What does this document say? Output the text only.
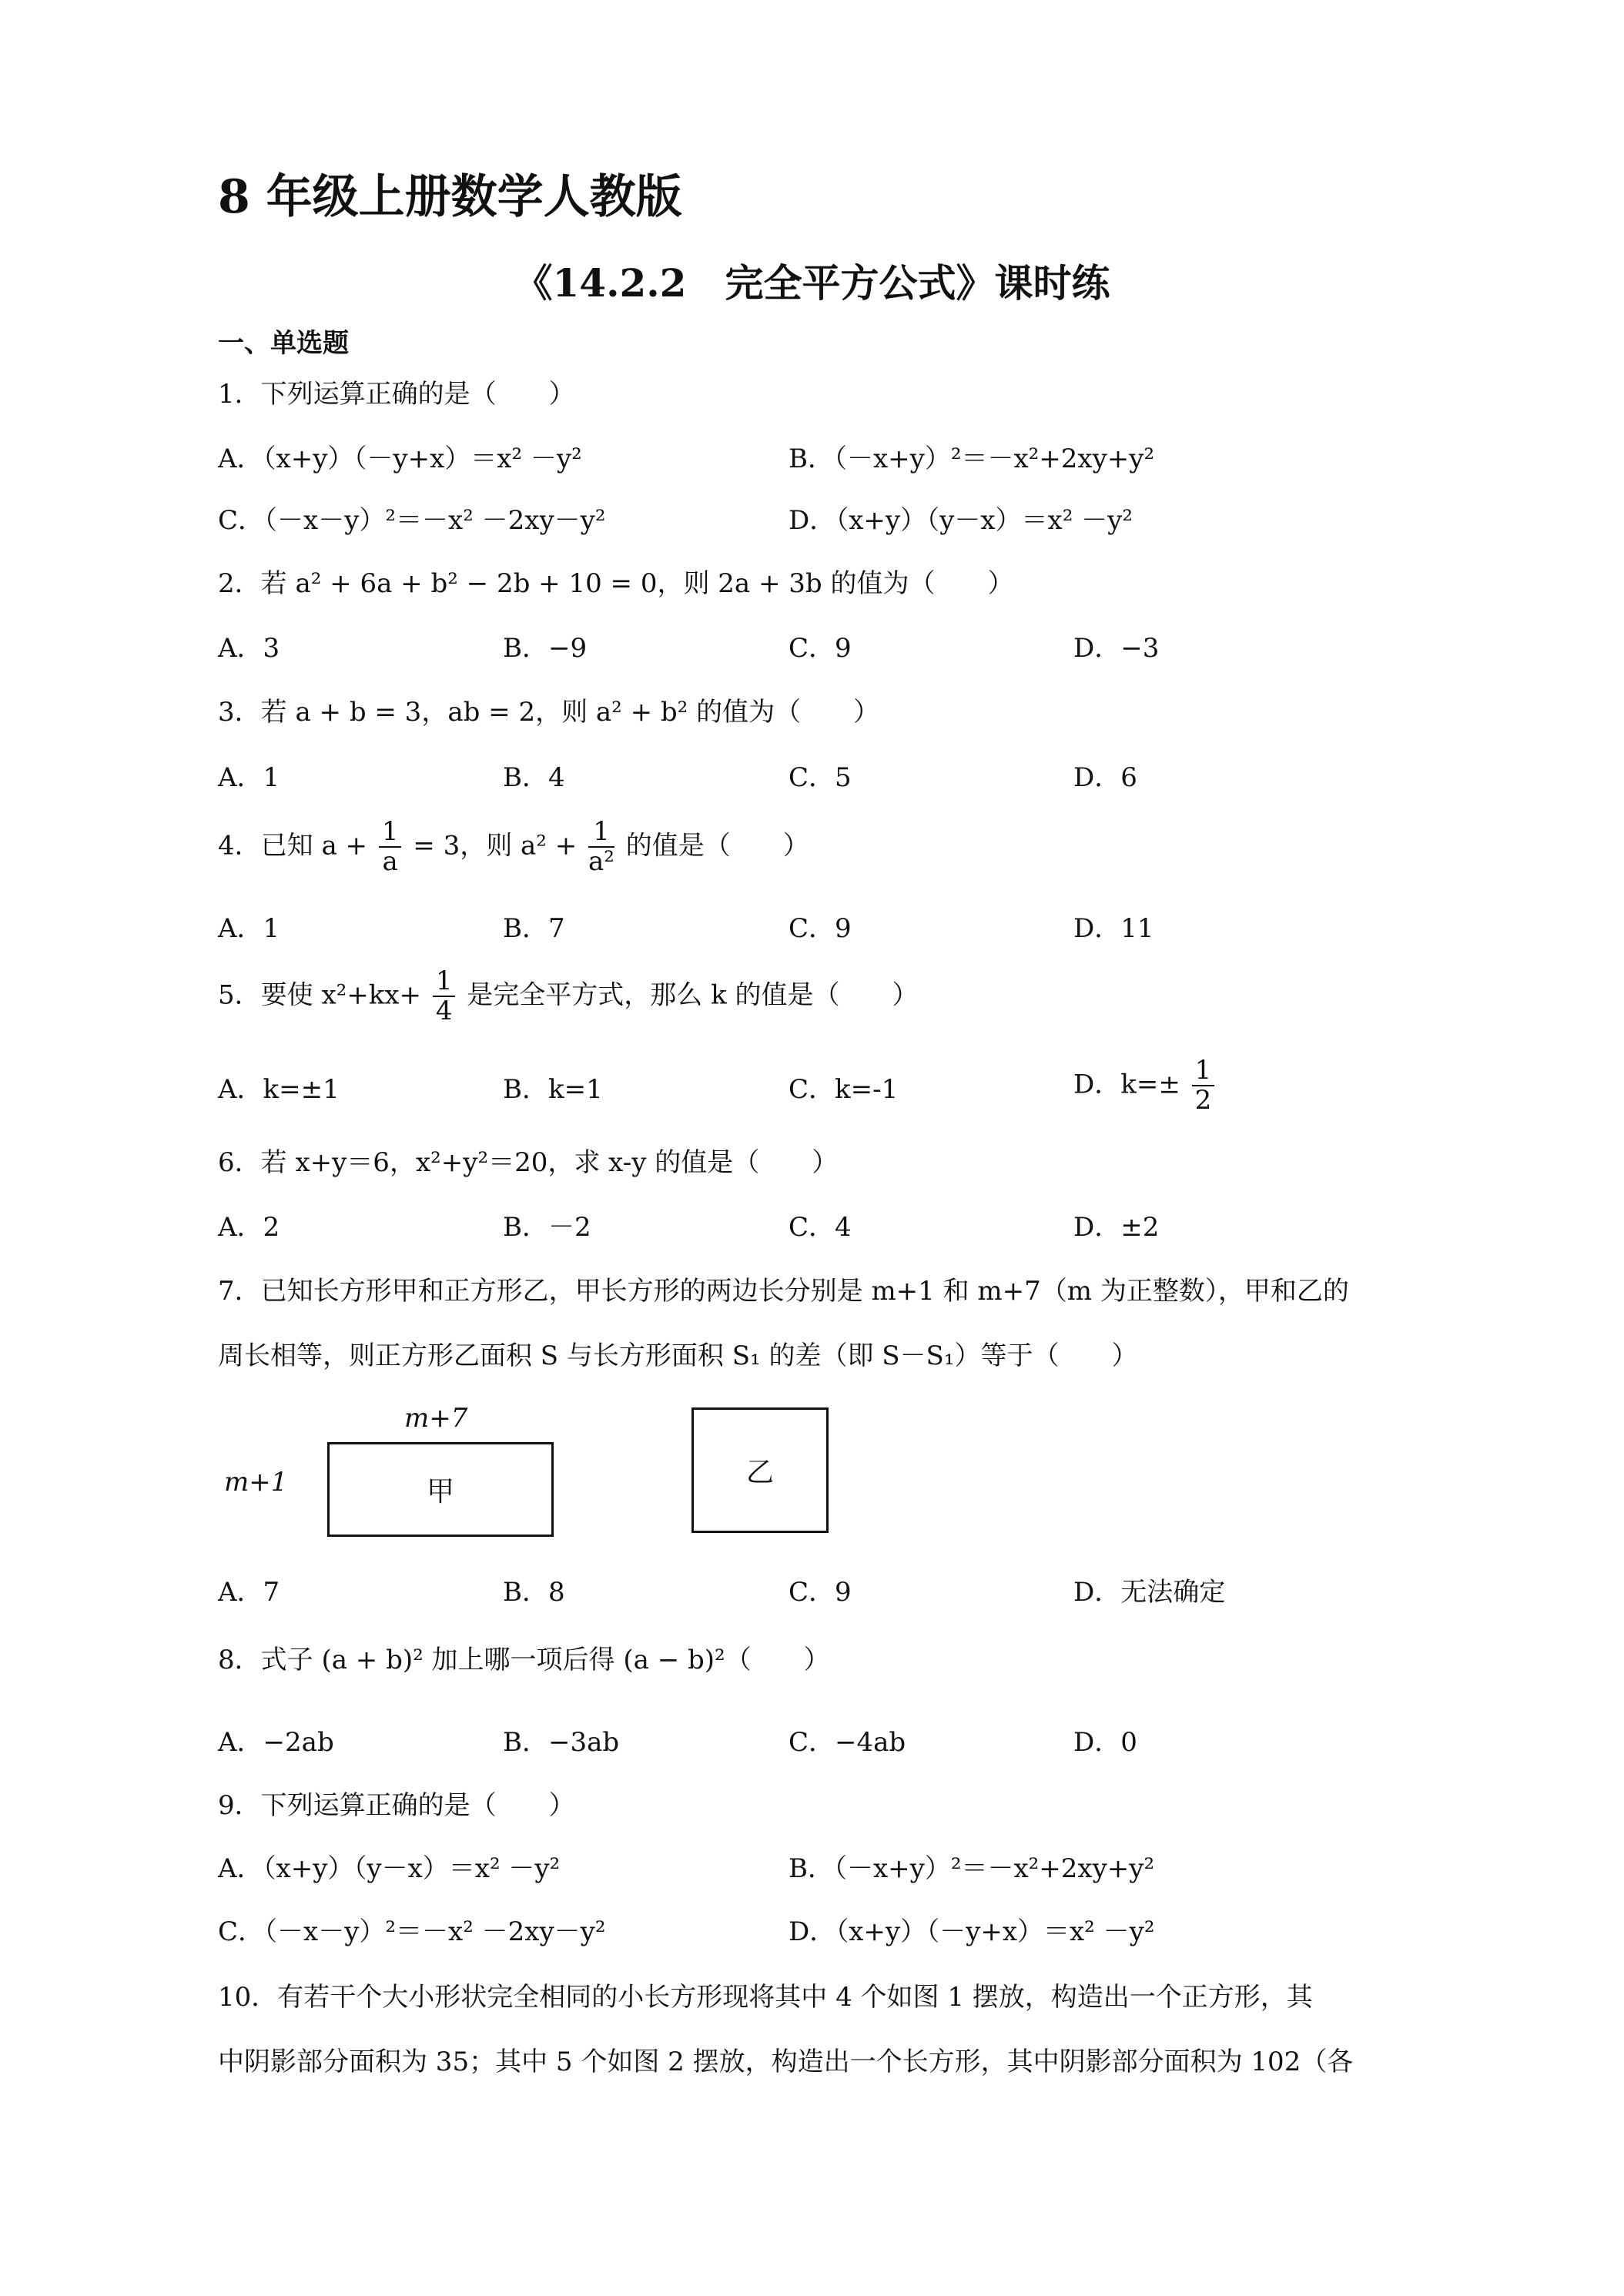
8 年级上册数学人教版
《14.2.2　完全平方公式》课时练
一、单选题
1．下列运算正确的是（　　）
A．（x+y）（－y+x）＝x² －y²	B．（－x+y）²＝－x²+2xy+y²
C．（－x－y）²＝－x² －2xy－y²	D．（x+y）（y－x）＝x² －y²
2．若 a² + 6a + b² − 2b + 10 = 0，则 2a + 3b 的值为（　　）
A．3	B．−9	C．9	D．−3
3．若 a + b = 3，ab = 2，则 a² + b² 的值为（　　）
A．1	B．4	C．5	D．6
4．已知 $a + \frac{1}{a} = 3$，则 $a^2 + \frac{1}{\text{a²}}$ 的值是（　　）
A．1	B．7	C．9	D．11
5．要使 $x^2+kx+ \frac{1}{4}$ 是完全平方式，那么 k 的值是（　　）
A．k=±1	B．k=1	C．k=-1	D．$k=\pm \frac{1}{2}$
6．若 x+y＝6，x²+y²＝20，求 x-y 的值是（　　）
A．2	B．－2	C．4	D．±2
7．已知长方形甲和正方形乙，甲长方形的两边长分别是 m+1 和 m+7（m 为正整数），甲和乙的
周长相等，则正方形乙面积 S 与长方形面积 S₁ 的差（即 S－S₁）等于（　　）
m+7
m+1	甲
乙
A．7	B．8	C．9	D．无法确定
8．式子 (a + b)² 加上哪一项后得 (a − b)²（　　）
A．−2ab	B．−3ab	C．−4ab	D．0
9．下列运算正确的是（　　）
A．（x+y）（y－x）＝x² －y²	B．（－x+y）²＝－x²+2xy+y²
C．（－x－y）²＝－x² －2xy－y²	D．（x+y）（－y+x）＝x² －y²
10．有若干个大小形状完全相同的小长方形现将其中 4 个如图 1 摆放，构造出一个正方形，其
中阴影部分面积为 35；其中 5 个如图 2 摆放，构造出一个长方形，其中阴影部分面积为 102（各
